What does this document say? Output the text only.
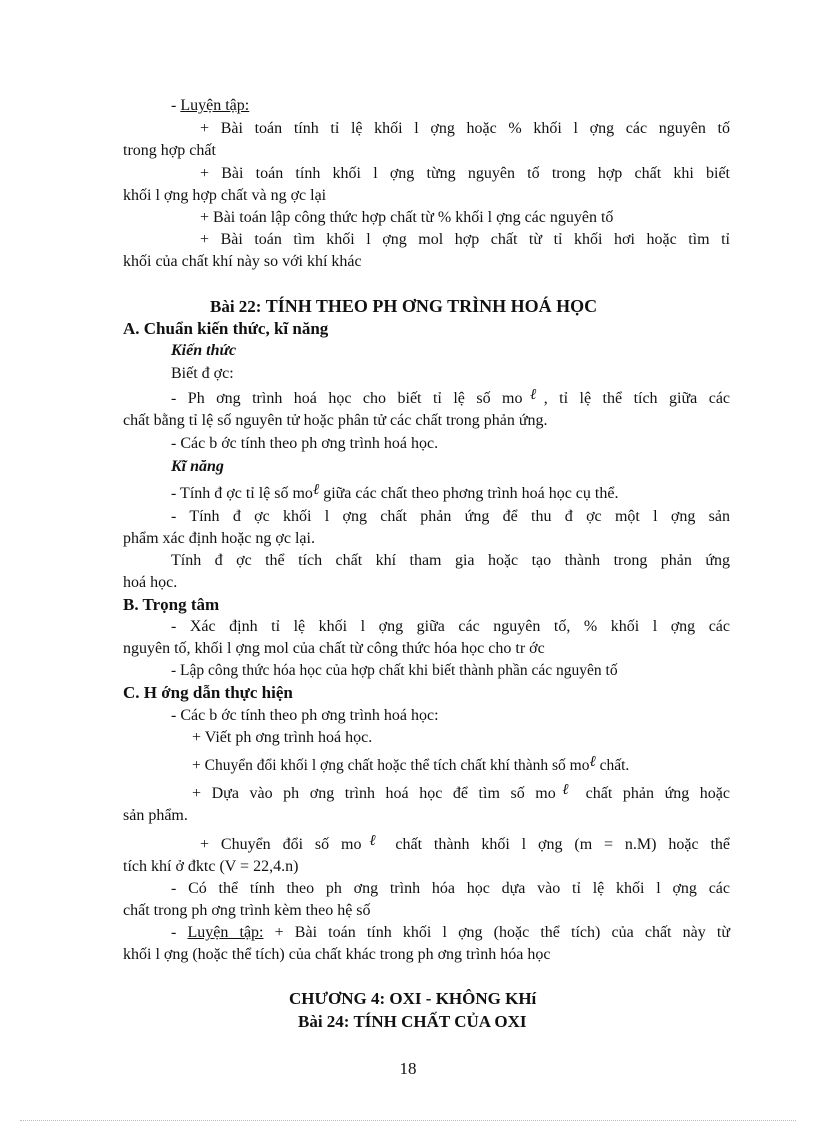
- Luyện tập:
+ Bài toán tính tỉ lệ khối l ợng hoặc % khối l ợng các nguyên tố
trong hợp chất
+ Bài toán tính khối l ợng từng nguyên tố trong hợp chất khi biết
khối l ợng hợp chất và ng ợc lại
+ Bài toán lập công thức hợp chất từ % khối l ợng các nguyên tố
+ Bài toán tìm khối l ợng mol hợp chất từ tỉ khối hơi hoặc tìm tỉ
khối của chất khí này so với khí khác
Bài 22: TÍNH THEO PH ƠNG TRÌNH HOÁ HỌC
A. Chuẩn kiến thức, kĩ năng
Kiến thức
Biết đ ợc:
- Ph ơng trình hoá học cho biết tỉ lệ số moℓ, tỉ lệ thể tích giữa các
chất bằng tỉ lệ số nguyên tử hoặc phân tử các chất trong phản ứng.
- Các b ớc tính theo ph ơng trình hoá học.
Kĩ năng
- Tính đ ợc tỉ lệ số moℓ giữa các chất theo phơng trình hoá học cụ thể.
- Tính đ ợc khối l ợng chất phản ứng để thu đ ợc một l ợng sản
phẩm xác định hoặc ng ợc lại.
Tính đ ợc thể tích chất khí tham gia hoặc tạo thành trong phản ứng
hoá học.
B. Trọng tâm
- Xác định tỉ lệ khối l ợng giữa các nguyên tố, % khối l ợng các
nguyên tố, khối l ợng mol của chất từ công thức hóa học cho tr ớc
- Lập công thức hóa học của hợp chất khi biết thành phần các nguyên tố
C. H ớng dẫn thực hiện
- Các b ớc tính theo ph ơng trình hoá học:
+ Viết ph ơng trình hoá học.
+ Chuyển đổi khối l ợng chất hoặc thể tích chất khí thành số moℓ chất.
+ Dựa vào ph ơng trình hoá học để tìm số moℓ chất phản ứng hoặc
sản phẩm.
+ Chuyển đổi số moℓ chất thành khối l ợng (m = n.M) hoặc thể
tích khí ở đktc (V = 22,4.n)
- Có thể tính theo ph ơng trình hóa học dựa vào tỉ lệ khối l ợng các
chất trong ph ơng trình kèm theo hệ số
- Luyện tập: + Bài toán tính khối l ợng (hoặc thể tích) của chất này từ
khối l ợng (hoặc thể tích) của chất khác trong ph ơng trình hóa học
CHƯƠNG 4: OXI - KHÔNG KHí
Bài 24: TÍNH CHẤT CỦA OXI
18
